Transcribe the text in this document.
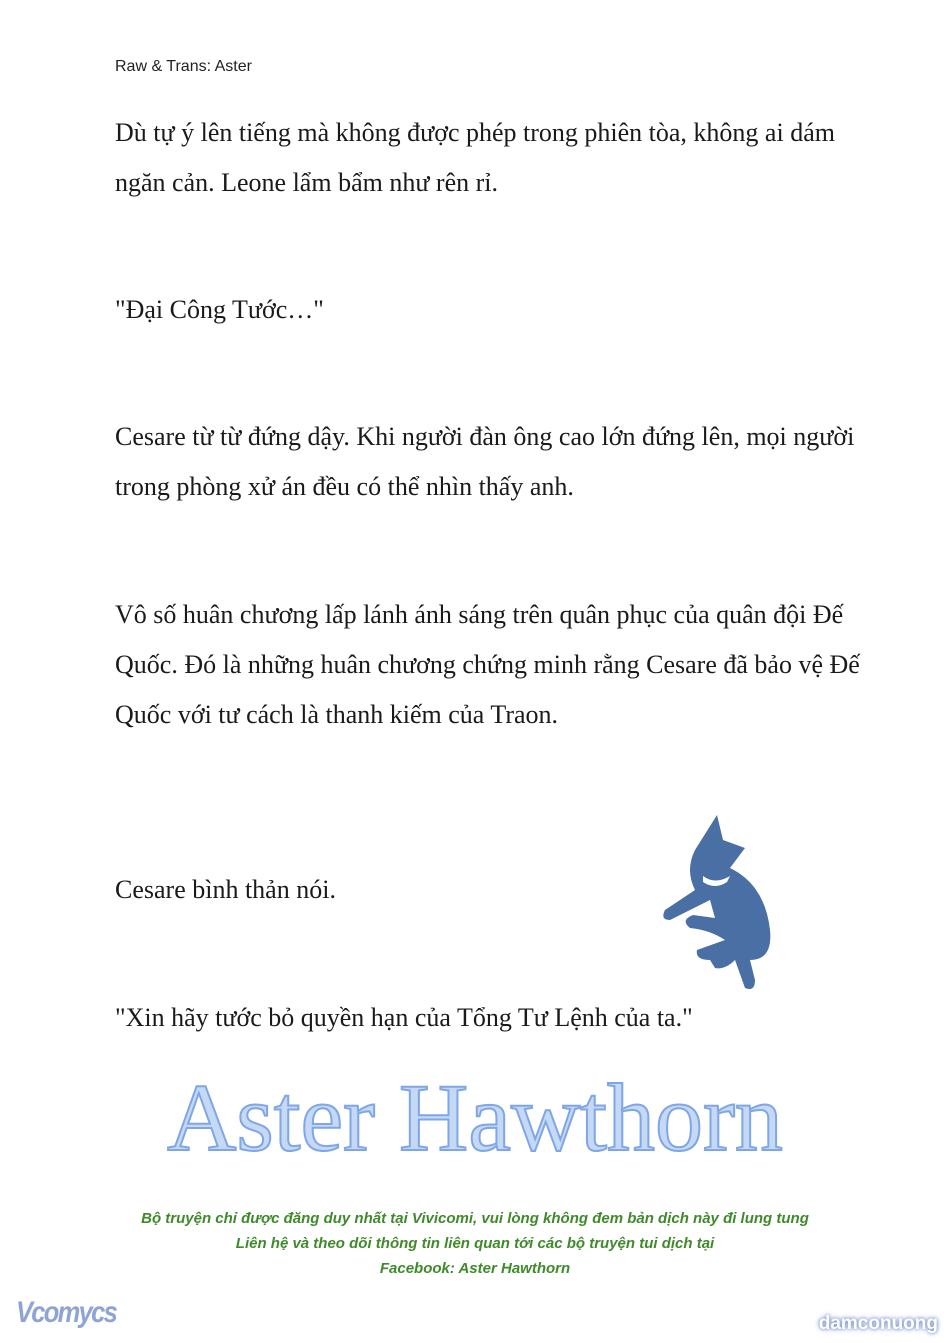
Raw & Trans: Aster

Dù tự ý lên tiếng mà không được phép trong phiên tòa, không ai dám ngăn cản. Leone lẩm bẩm như rên rỉ.

"Đại Công Tước…"

Cesare từ từ đứng dậy. Khi người đàn ông cao lớn đứng lên, mọi người trong phòng xử án đều có thể nhìn thấy anh.

Vô số huân chương lấp lánh ánh sáng trên quân phục của quân đội Đế Quốc. Đó là những huân chương chứng minh rằng Cesare đã bảo vệ Đế Quốc với tư cách là thanh kiếm của Traon.

Cesare bình thản nói.

"Xin hãy tước bỏ quyền hạn của Tổng Tư Lệnh của ta."

Aster Hawthorn
Bộ truyện chỉ được đăng duy nhất tại Vivicomi, vui lòng không đem bản dịch này đi lung tung
Liên hệ và theo dõi thông tin liên quan tới các bộ truyện tui dịch tại
Facebook: Aster Hawthorn
Vcomycs	damconuong
